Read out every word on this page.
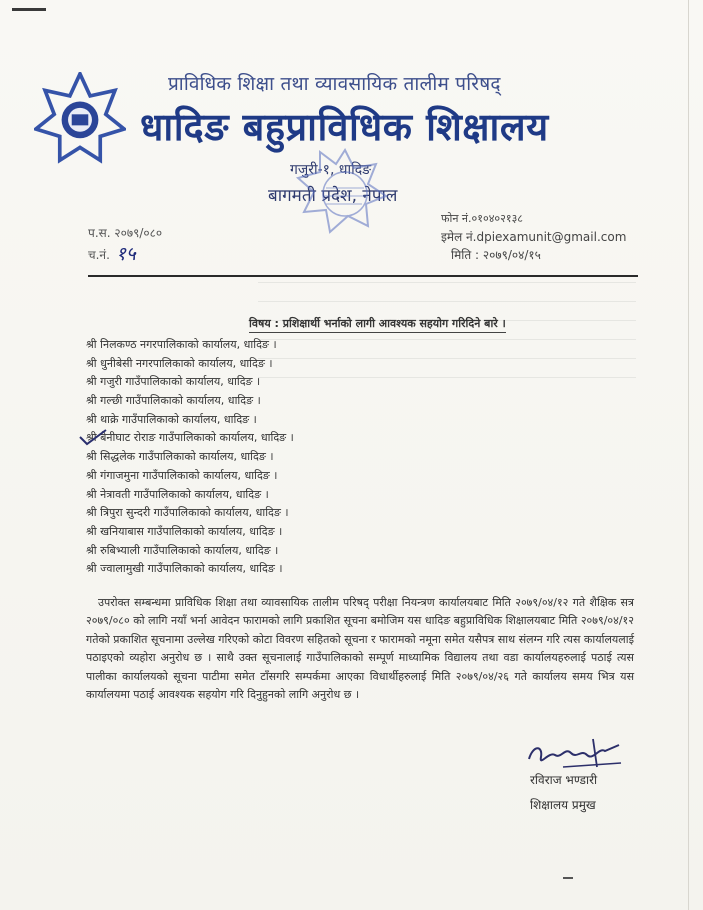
प्राविधिक शिक्षा तथा व्यावसायिक तालीम परिषद्
धादिङ बहुप्राविधिक शिक्षालय
गजुरी-१, धादिङ
बागमती प्रदेश, नेपाल
प.स. २०७९/०८०
च.नं. १५
फोन नं.०१०४०२१३८
इमेल नं.dpiexamunit@gmail.com
मिति : २०७९/०४/१५
विषय : प्रशिक्षार्थी भर्नाको लागी आवश्यक सहयोग गरिदिने बारे ।
श्री निलकण्ठ नगरपालिकाको कार्यालय, धादिङ ।
श्री धुनीबेसी नगरपालिकाको कार्यालय, धादिङ ।
श्री गजुरी गाउँपालिकाको कार्यालय, धादिङ ।
श्री गल्छी गाउँपालिकाको कार्यालय, धादिङ ।
श्री थाक्रे गाउँपालिकाको कार्यालय, धादिङ ।
श्री बेनीघाट रोराङ गाउँपालिकाको कार्यालय, धादिङ ।
श्री सिद्धलेक गाउँपालिकाको कार्यालय, धादिङ ।
श्री गंगाजमुना गाउँपालिकाको कार्यालय, धादिङ ।
श्री नेत्रावती गाउँपालिकाको कार्यालय, धादिङ ।
श्री त्रिपुरा सुन्दरी गाउँपालिकाको कार्यालय, धादिङ ।
श्री खनियाबास गाउँपालिकाको कार्यालय, धादिङ ।
श्री रुबिभ्याली गाउँपालिकाको कार्यालय, धादिङ ।
श्री ज्वालामुखी गाउँपालिकाको कार्यालय, धादिङ ।

उपरोक्त सम्बन्धमा प्राविधिक शिक्षा तथा व्यावसायिक तालीम परिषद् परीक्षा नियन्त्रण कार्यालयबाट मिति २०७९/०४/१२ गते शैक्षिक सत्र २०७९/०८० को लागि नयाँ भर्ना आवेदन फारामको लागि प्रकाशित सूचना बमोजिम यस धादिङ बहुप्राविधिक शिक्षालयबाट मिति २०७९/०४/१२ गतेको प्रकाशित सूचनामा उल्लेख गरिएको कोटा विवरण सहितको सूचना र फारामको नमूना समेत यसैपत्र साथ संलग्न गरि त्यस कार्यालयलाई पठाइएको व्यहोरा अनुरोध छ । साथै उक्त सूचनालाई गाउँपालिकाको सम्पूर्ण माध्यामिक विद्यालय तथा वडा कार्यालयहरुलाई पठाई त्यस पालीका कार्यालयको सूचना पाटीमा समेत टाँसगरि सम्पर्कमा आएका विधार्थीहरुलाई मिति २०७९/०४/२६ गते कार्यालय समय भित्र यस कार्यालयमा पठाई आवश्यक सहयोग गरि दिनुहुनको लागि अनुरोध छ ।

रविराज भण्डारी
शिक्षालय प्रमुख
